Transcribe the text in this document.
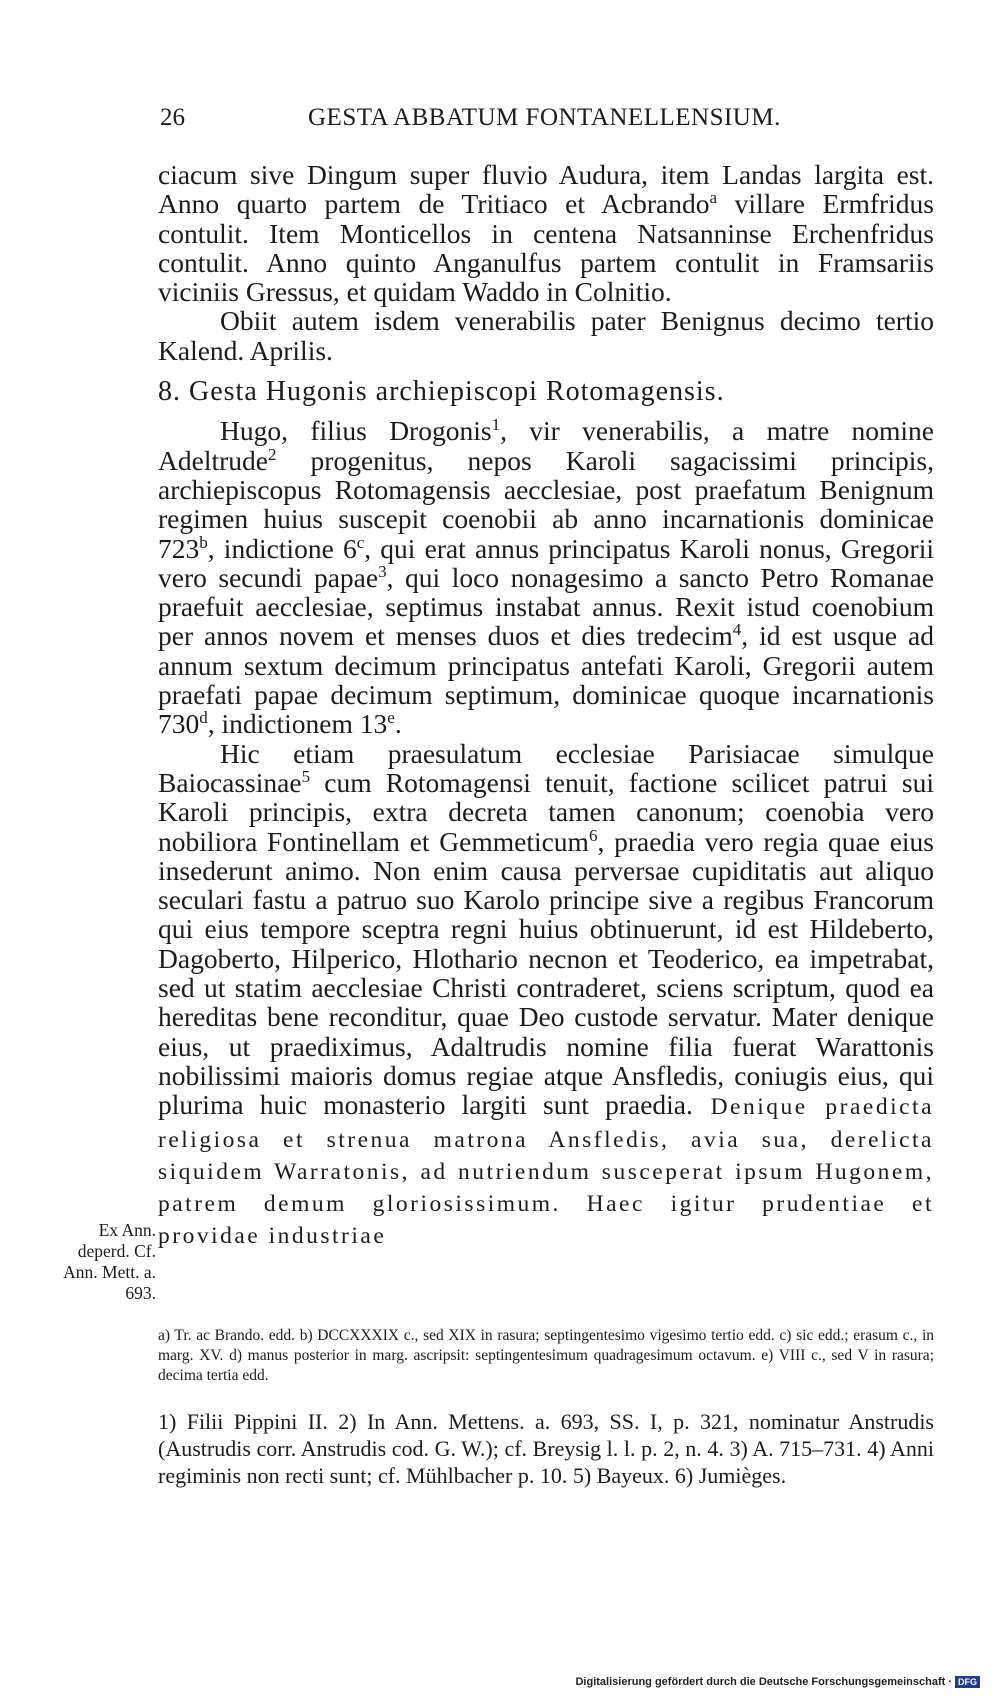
26	GESTA ABBATUM FONTANELLENSIUM.

ciacum sive Dingum super fluvio Audura, item Landas largita est. Anno quarto partem de Tritiaco et Acbrando$^a$ villare Ermfridus contulit. Item Monticellos in centena Natsanninse Erchenfridus contulit. Anno quinto Anganulfus partem contulit in Framsariis viciniis Gressus, et quidam Waddo in Colnitio.

Obiit autem isdem venerabilis pater Benignus decimo tertio Kalend. Aprilis.

8. Gesta Hugonis archiepiscopi Rotomagensis.

Hugo, filius Drogonis$^1$, vir venerabilis, a matre nomine Adeltrude$^2$ progenitus, nepos Karoli sagacissimi principis, archiepiscopus Rotomagensis aecclesiae, post praefatum Benignum regimen huius suscepit coenobii ab anno incarnationis dominicae 723$^b$, indictione 6$^c$, qui erat annus principatus Karoli nonus, Gregorii vero secundi papae$^3$, qui loco nonagesimo a sancto Petro Romanae praefuit aecclesiae, septimus instabat annus. Rexit istud coenobium per annos novem et menses duos et dies tredecim$^4$, id est usque ad annum sextum decimum principatus antefati Karoli, Gregorii autem praefati papae decimum septimum, dominicae quoque incarnationis 730$^d$, indictionem 13e.

Hic etiam praesulatum ecclesiae Parisiacae simulque Baiocassinae$^5$ cum Rotomagensi tenuit, factione scilicet patrui sui Karoli principis, extra decreta tamen canonum; coenobia vero nobiliora Fontinellam et Gemmeticum$^6$, praedia vero regia quae eius insederunt animo. Non enim causa perversae cupiditatis aut aliquo seculari fastu a patruo suo Karolo principe sive a regibus Francorum qui eius tempore sceptra regni huius obtinuerunt, id est Hildeberto, Dagoberto, Hilperico, Hlothario necnon et Teoderico, ea impetrabat, sed ut statim aecclesiae Christi contraderet, sciens scriptum, quod ea hereditas bene reconditur, quae Deo custode servatur. Mater denique eius, ut praediximus, Adaltrudis nomine filia fuerat Warattonis nobilissimi maioris domus regiae atque Ansfledis, coniugis eius, qui plurima huic monasterio largiti sunt praedia. Denique praedicta religiosa et strenua matrona Ansfledis, avia sua, derelicta siquidem Warratonis, ad nutriendum susceperat ipsum Hugonem, patrem demum gloriosissimum. Haec igitur prudentiae et providae industriae

Ex Ann. deperd. Cf. Ann. Mett. a. 693.

a) Tr. ac Brando. edd. b) DCCXXXIX c., sed XIX in rasura; septingentesimo vigesimo tertio edd. c) sic edd.; erasum c., in marg. XV. d) manus posterior in marg. ascripsit: septingentesimum quadragesimum octavum. e) VIII c., sed V in rasura; decima tertia edd.

1) Filii Pippini II. 2) In Ann. Mettens. a. 693, SS. I, p. 321, nominatur Anstrudis (Austrudis corr. Anstrudis cod. G. W.); cf. Breysig l. l. p. 2, n. 4. 3) A. 715–731. 4) Anni regiminis non recti sunt; cf. Mühlbacher p. 10. 5) Bayeux. 6) Jumièges.

Digitalisierung gefördert durch die Deutsche Forschungsgemeinschaft · DFG
